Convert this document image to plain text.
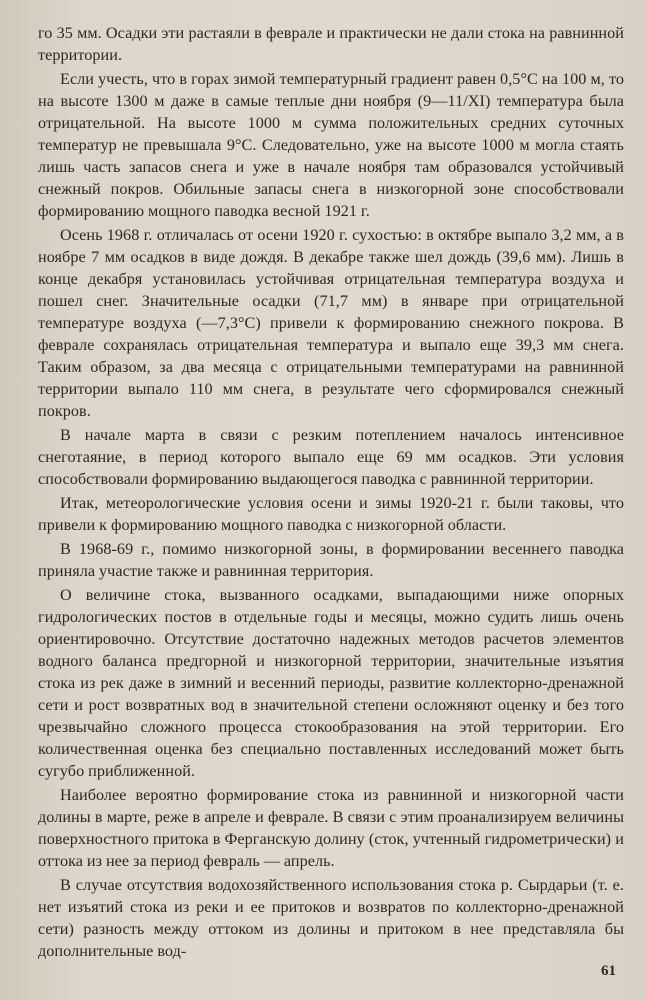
го 35 мм. Осадки эти растаяли в феврале и практически не дали стока на равнинной территории.

Если учесть, что в горах зимой температурный градиент равен 0,5°С на 100 м, то на высоте 1300 м даже в самые теплые дни ноября (9—11/XI) температура была отрицательной. На высоте 1000 м сумма положительных средних суточных температур не превышала 9°С. Следовательно, уже на высоте 1000 м могла стаять лишь часть запасов снега и уже в начале ноября там образовался устойчивый снежный покров. Обильные запасы снега в низкогорной зоне способствовали формированию мощного паводка весной 1921 г.

Осень 1968 г. отличалась от осени 1920 г. сухостью: в октябре выпало 3,2 мм, а в ноябре 7 мм осадков в виде дождя. В декабре также шел дождь (39,6 мм). Лишь в конце декабря установилась устойчивая отрицательная температура воздуха и пошел снег. Значительные осадки (71,7 мм) в январе при отрицательной температуре воздуха (—7,3°С) привели к формированию снежного покрова. В феврале сохранялась отрицательная температура и выпало еще 39,3 мм снега. Таким образом, за два месяца с отрицательными температурами на равнинной территории выпало 110 мм снега, в результате чего сформировался снежный покров.

В начале марта в связи с резким потеплением началось интенсивное снеготаяние, в период которого выпало еще 69 мм осадков. Эти условия способствовали формированию выдающегося паводка с равнинной территории.

Итак, метеорологические условия осени и зимы 1920-21 г. были таковы, что привели к формированию мощного паводка с низкогорной области.

В 1968-69 г., помимо низкогорной зоны, в формировании весеннего паводка приняла участие также и равнинная территория.

О величине стока, вызванного осадками, выпадающими ниже опорных гидрологических постов в отдельные годы и месяцы, можно судить лишь очень ориентировочно. Отсутствие достаточно надежных методов расчетов элементов водного баланса предгорной и низкогорной территории, значительные изъятия стока из рек даже в зимний и весенний периоды, развитие коллекторно-дренажной сети и рост возвратных вод в значительной степени осложняют оценку и без того чрезвычайно сложного процесса стокообразования на этой территории. Его количественная оценка без специально поставленных исследований может быть сугубо приближенной.

Наиболее вероятно формирование стока из равнинной и низкогорной части долины в марте, реже в апреле и феврале. В связи с этим проанализируем величины поверхностного притока в Ферганскую долину (сток, учтенный гидрометрически) и оттока из нее за период февраль — апрель.

В случае отсутствия водохозяйственного использования стока р. Сырдарьи (т. е. нет изъятий стока из реки и ее притоков и возвратов по коллекторно-дренажной сети) разность между оттоком из долины и притоком в нее представляла бы дополнительные вод-

61
